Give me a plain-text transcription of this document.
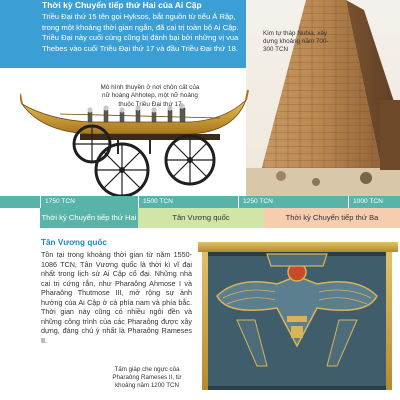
Thời kỳ Chuyển tiếp thứ Hai của Ai Cập
Triều Đại thứ 15 tên gọi Hyksos, bắt nguồn từ tiểu Á Rập, trong một khoảng thời gian ngắn, đã cai trị toàn bộ Ai Cập. Triều Đại này cuối cùng cũng bị đánh bại bởi những vị vua Thebes vào cuối Triều Đại thứ 17 và đầu Triều Đại thứ 18.
Kim tự tháp Nubia, xây dựng khoảng năm 700-300 TCN
Mô hình thuyền ở nơi chôn cất của nữ hoàng Ahhotep, một nữ hoàng thuộc Triều Đại thứ 17
1750 TCN	1500 TCN	1250 TCN	1000 TCN
Thời kỳ Chuyển tiếp thứ Hai	Tân Vương quốc	Thời kỳ Chuyển tiếp thứ Ba
Tân Vương quốc
Tồn tại trong khoảng thời gian từ năm 1550-1086 TCN, Tân Vương quốc là thời kì vĩ đại nhất trong lịch sử Ai Cập cổ đại. Những nhà cai trị cứng rắn, như Pharaông Ahmose I và Pharaông Thutmose III, mở rộng sự ảnh hưởng của Ai Cập ở cả phía nam và phía bắc. Thời gian này cũng có nhiều ngôi đền và những công trình của các Pharaông được xây dựng, đáng chú ý nhất là Pharaông Rameses II.
Tấm giáp che ngực của Pharaông Rameses II, từ khoảng năm 1200 TCN
